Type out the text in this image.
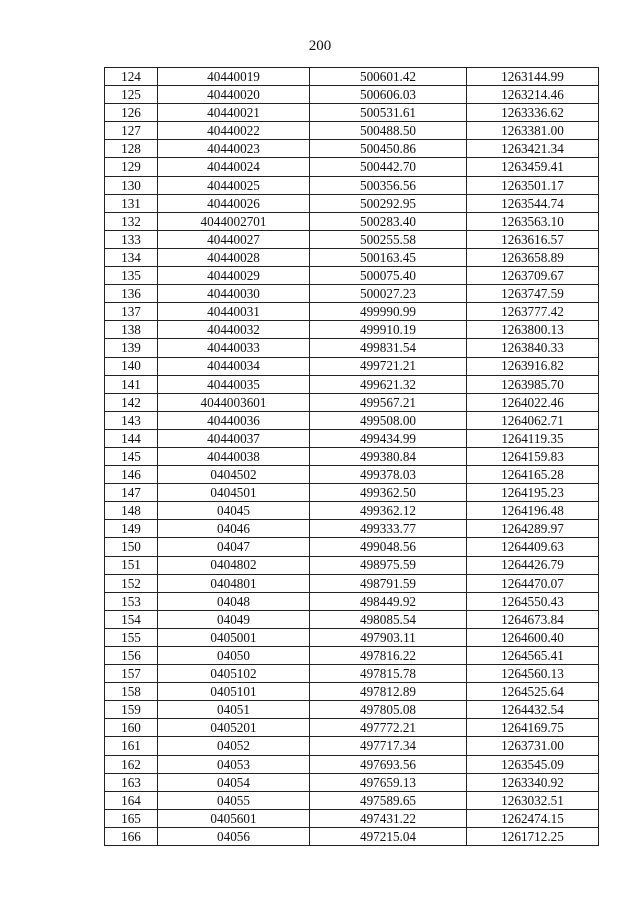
200
124	40440019	500601.42	1263144.99
125	40440020	500606.03	1263214.46
126	40440021	500531.61	1263336.62
127	40440022	500488.50	1263381.00
128	40440023	500450.86	1263421.34
129	40440024	500442.70	1263459.41
130	40440025	500356.56	1263501.17
131	40440026	500292.95	1263544.74
132	4044002701	500283.40	1263563.10
133	40440027	500255.58	1263616.57
134	40440028	500163.45	1263658.89
135	40440029	500075.40	1263709.67
136	40440030	500027.23	1263747.59
137	40440031	499990.99	1263777.42
138	40440032	499910.19	1263800.13
139	40440033	499831.54	1263840.33
140	40440034	499721.21	1263916.82
141	40440035	499621.32	1263985.70
142	4044003601	499567.21	1264022.46
143	40440036	499508.00	1264062.71
144	40440037	499434.99	1264119.35
145	40440038	499380.84	1264159.83
146	0404502	499378.03	1264165.28
147	0404501	499362.50	1264195.23
148	04045	499362.12	1264196.48
149	04046	499333.77	1264289.97
150	04047	499048.56	1264409.63
151	0404802	498975.59	1264426.79
152	0404801	498791.59	1264470.07
153	04048	498449.92	1264550.43
154	04049	498085.54	1264673.84
155	0405001	497903.11	1264600.40
156	04050	497816.22	1264565.41
157	0405102	497815.78	1264560.13
158	0405101	497812.89	1264525.64
159	04051	497805.08	1264432.54
160	0405201	497772.21	1264169.75
161	04052	497717.34	1263731.00
162	04053	497693.56	1263545.09
163	04054	497659.13	1263340.92
164	04055	497589.65	1263032.51
165	0405601	497431.22	1262474.15
166	04056	497215.04	1261712.25
